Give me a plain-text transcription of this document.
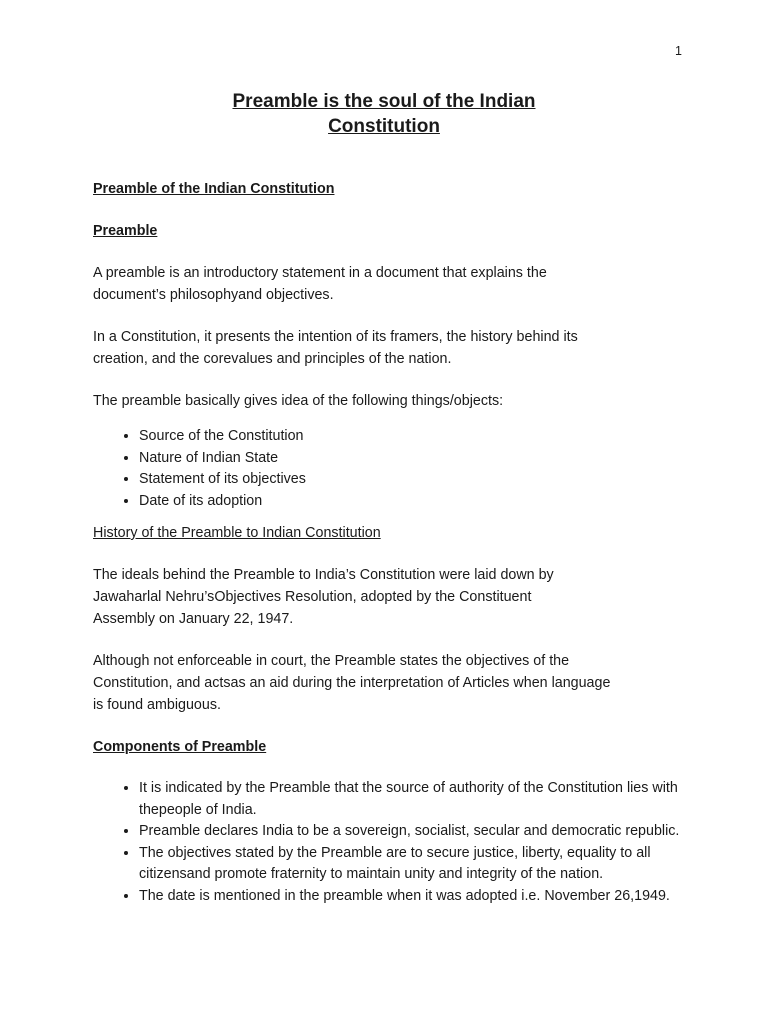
1
Preamble is the soul of the Indian
Constitution

Preamble of the Indian Constitution

Preamble

A preamble is an introductory statement in a document that explains the
document’s philosophyand objectives.

In a Constitution, it presents the intention of its framers, the history behind its
creation, and the corevalues and principles of the nation.

The preamble basically gives idea of the following things/objects:

• Source of the Constitution
• Nature of Indian State
• Statement of its objectives
• Date of its adoption

History of the Preamble to Indian Constitution

The ideals behind the Preamble to India’s Constitution were laid down by
Jawaharlal Nehru’sObjectives Resolution, adopted by the Constituent
Assembly on January 22, 1947.

Although not enforceable in court, the Preamble states the objectives of the
Constitution, and actsas an aid during the interpretation of Articles when language
is found ambiguous.

Components of Preamble

• It is indicated by the Preamble that the source of authority of the Constitution lies with thepeople of India.
• Preamble declares India to be a sovereign, socialist, secular and democratic republic.
• The objectives stated by the Preamble are to secure justice, liberty, equality to all citizensand promote fraternity to maintain unity and integrity of the nation.
• The date is mentioned in the preamble when it was adopted i.e. November 26,1949.
